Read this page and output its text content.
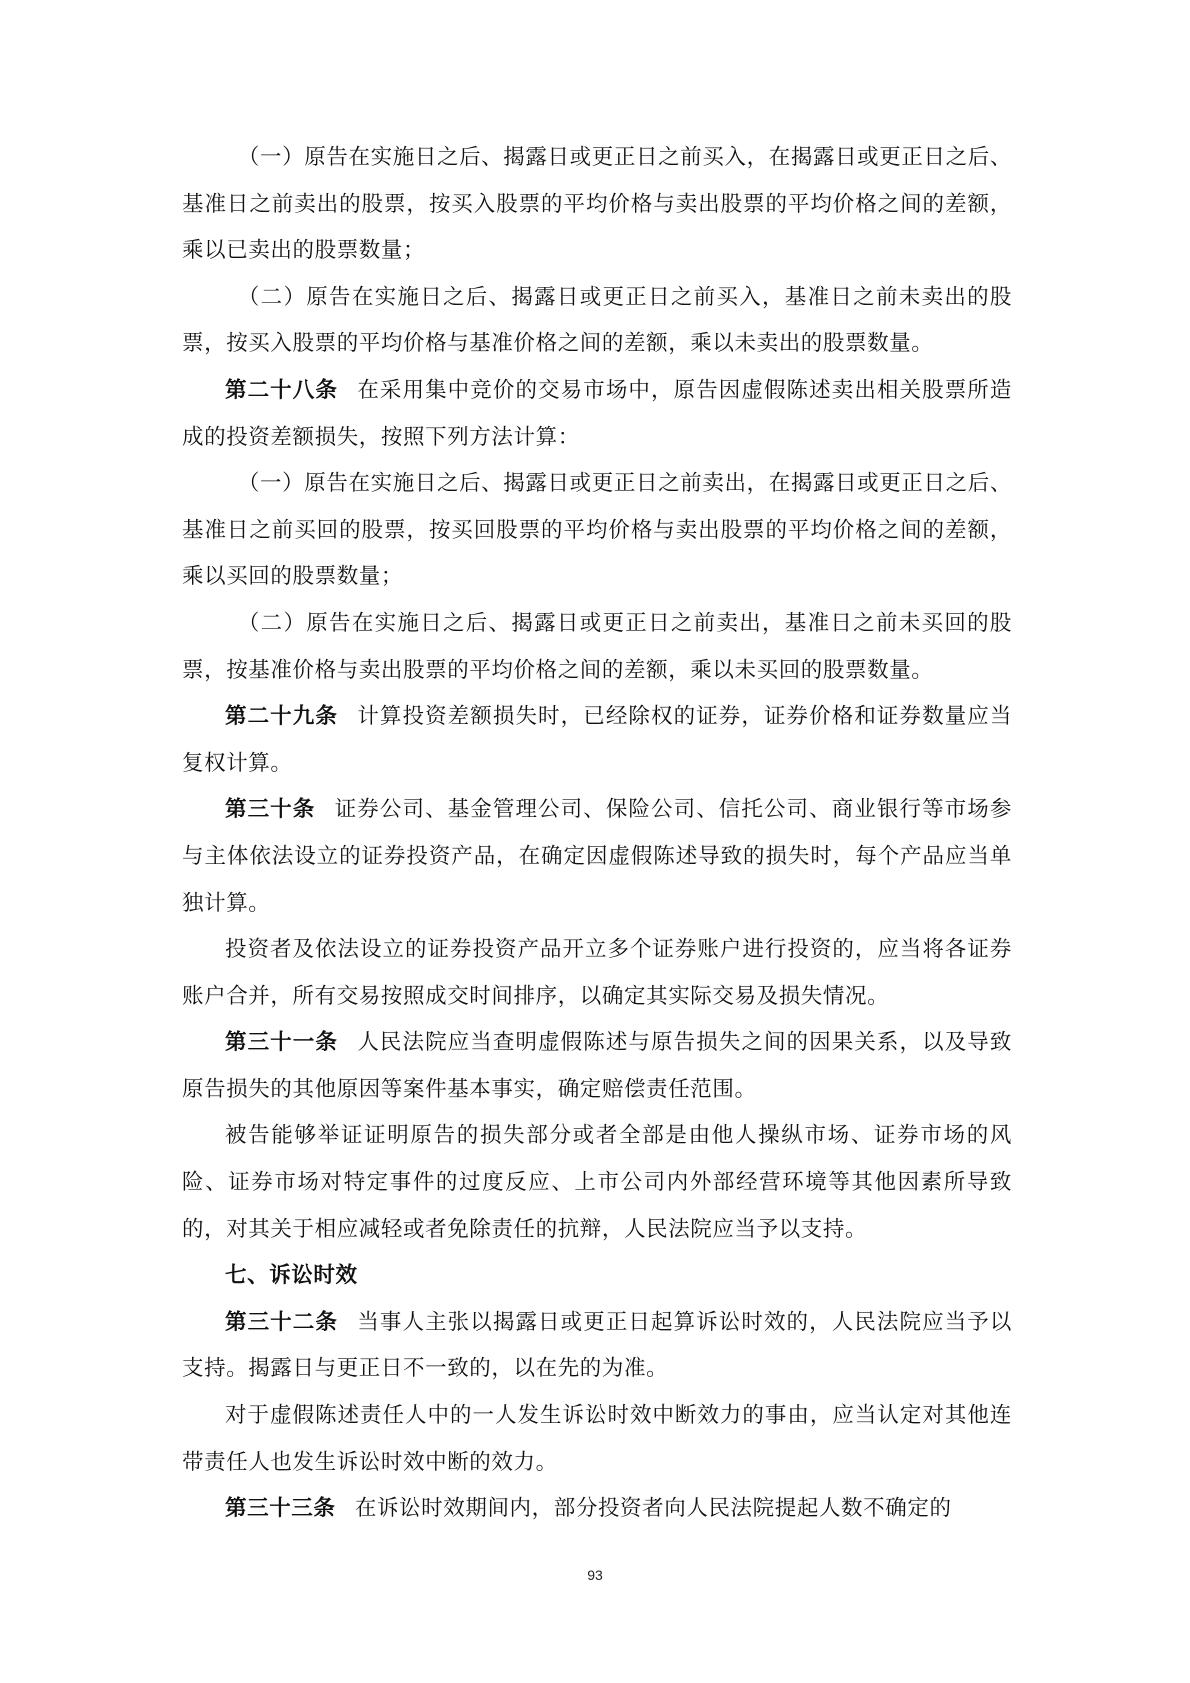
（一）原告在实施日之后、揭露日或更正日之前买入，在揭露日或更正日之后、基准日之前卖出的股票，按买入股票的平均价格与卖出股票的平均价格之间的差额，乘以已卖出的股票数量；

（二）原告在实施日之后、揭露日或更正日之前买入，基准日之前未卖出的股票，按买入股票的平均价格与基准价格之间的差额，乘以未卖出的股票数量。

第二十八条 在采用集中竞价的交易市场中，原告因虚假陈述卖出相关股票所造成的投资差额损失，按照下列方法计算：

（一）原告在实施日之后、揭露日或更正日之前卖出，在揭露日或更正日之后、基准日之前买回的股票，按买回股票的平均价格与卖出股票的平均价格之间的差额，乘以买回的股票数量；

（二）原告在实施日之后、揭露日或更正日之前卖出，基准日之前未买回的股票，按基准价格与卖出股票的平均价格之间的差额，乘以未买回的股票数量。

第二十九条 计算投资差额损失时，已经除权的证券，证券价格和证券数量应当复权计算。

第三十条 证券公司、基金管理公司、保险公司、信托公司、商业银行等市场参与主体依法设立的证券投资产品，在确定因虚假陈述导致的损失时，每个产品应当单独计算。

投资者及依法设立的证券投资产品开立多个证券账户进行投资的，应当将各证券账户合并，所有交易按照成交时间排序，以确定其实际交易及损失情况。

第三十一条 人民法院应当查明虚假陈述与原告损失之间的因果关系，以及导致原告损失的其他原因等案件基本事实，确定赔偿责任范围。

被告能够举证证明原告的损失部分或者全部是由他人操纵市场、证券市场的风险、证券市场对特定事件的过度反应、上市公司内外部经营环境等其他因素所导致的，对其关于相应减轻或者免除责任的抗辩，人民法院应当予以支持。

七、诉讼时效

第三十二条 当事人主张以揭露日或更正日起算诉讼时效的，人民法院应当予以支持。揭露日与更正日不一致的，以在先的为准。

对于虚假陈述责任人中的一人发生诉讼时效中断效力的事由，应当认定对其他连带责任人也发生诉讼时效中断的效力。

第三十三条 在诉讼时效期间内，部分投资者向人民法院提起人数不确定的

93
